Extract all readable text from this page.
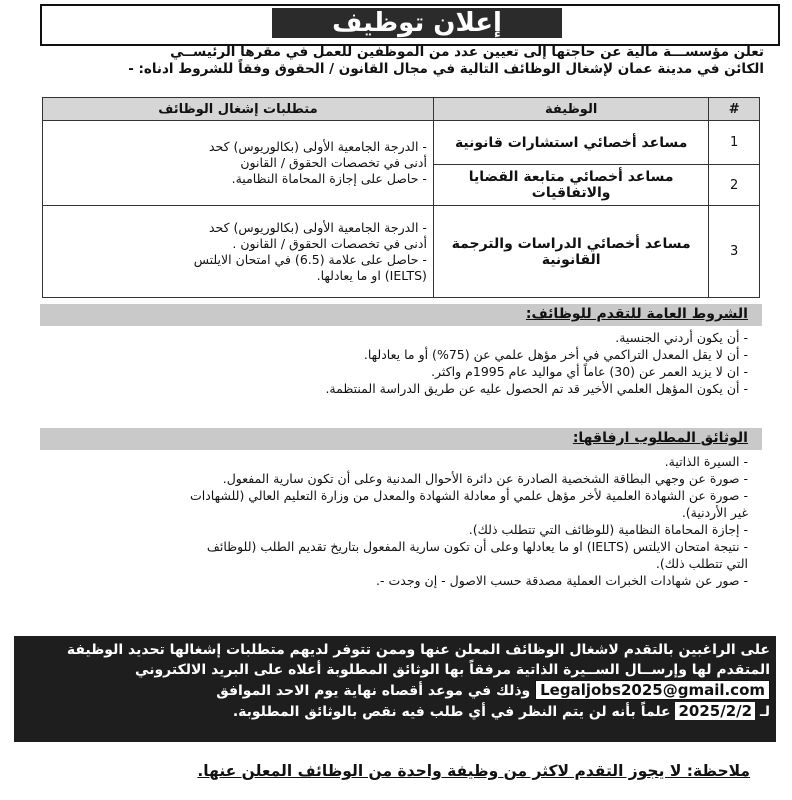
إعلان توظيف
تعلن مؤسســـة مالية عن حاجتها إلى تعيين عدد من الموظفين للعمل في مقرها الرئيســي
الكائن في مدينة عمان لإشغال الوظائف التالية في مجال القانون / الحقوق وفقاً للشروط ادناه: -
#	الوظيفة	متطلبات إشغال الوظائف
1	مساعد أخصائي استشارات قانونية	- الدرجة الجامعية الأولى (بكالوريوس) كحد
أدنى في تخصصات الحقوق / القانون
- حاصل على إجازة المحاماة النظامية.

2	مساعد أخصائي متابعة القضايا والاتفاقيات	
3	مساعد أخصائي الدراسات والترجمة القانونية	- الدرجة الجامعية الأولى (بكالوريوس) كحد
أدنى في تخصصات الحقوق / القانون .
- حاصل على علامة (6.5) في امتحان الايلتس
(IELTS) او ما يعادلها.
الشروط العامة للتقدم للوظائف:
- أن يكون أردني الجنسية.
- أن لا يقل المعدل التراكمي في أخر مؤهل علمي عن (75%) أو ما يعادلها.
- ان لا يزيد العمر عن (30) عاماً أي مواليد عام 1995م واكثر.
- أن يكون المؤهل العلمي الأخير قد تم الحصول عليه عن طريق الدراسة المنتظمة.
الوثائق المطلوب ارفاقها:
- السيرة الذاتية.
- صورة عن وجهي البطاقة الشخصية الصادرة عن دائرة الأحوال المدنية وعلى أن تكون سارية المفعول.
- صورة عن الشهادة العلمية لأخر مؤهل علمي أو معادلة الشهادة والمعدل من وزارة التعليم العالي (للشهادات
غير الأردنية).
- إجازة المحاماة النظامية (للوظائف التي تتطلب ذلك).
- نتيجة امتحان الايلتس (IELTS) او ما يعادلها وعلى أن تكون سارية المفعول بتاريخ تقديم الطلب (للوظائف
التي تتطلب ذلك).
- صور عن شهادات الخبرات العملية مصدقة حسب الاصول - إن وجدت -.
على الراغبين بالتقدم لاشغال الوظائف المعلن عنها وممن تتوفر لديهم متطلبات إشغالها تحديد الوظيفة
المتقدم لها وإرســال الســيرة الذاتية مرفقاً بها الوثائق المطلوبة أعلاه على البريد الالكتروني
Legaljobs2025@gmail.com وذلك في موعد أقصاه نهاية يوم الاحد الموافق
لـ 2025/2/2 علماً بأنه لن يتم النظر في أي طلب فيه نقص بالوثائق المطلوبة.
ملاحظة: لا يجوز التقدم لاكثر من وظيفة واحدة من الوظائف المعلن عنها.
